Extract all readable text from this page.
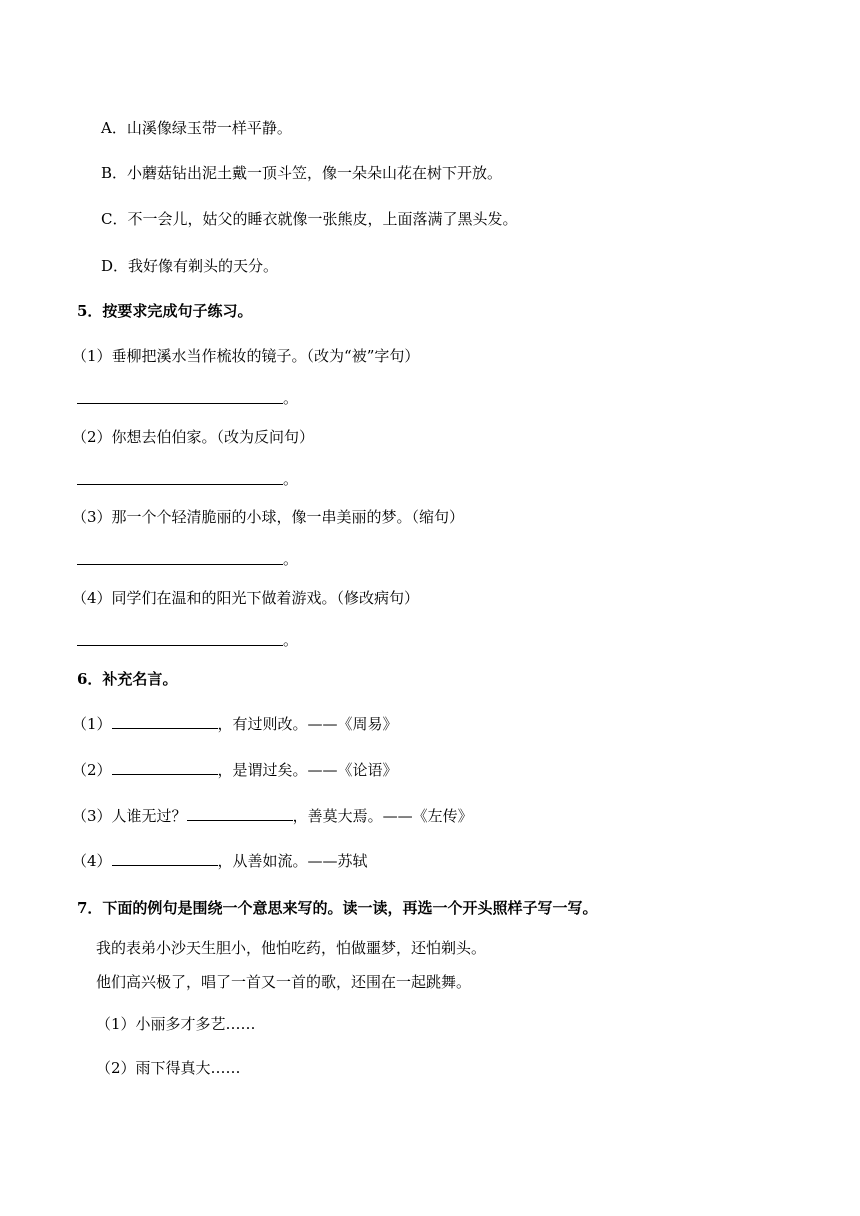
A．山溪像绿玉带一样平静。
B．小蘑菇钻出泥土戴一顶斗笠，像一朵朵山花在树下开放。
C．不一会儿，姑父的睡衣就像一张熊皮，上面落满了黑头发。
D．我好像有剃头的天分。
5．按要求完成句子练习。
（1）垂柳把溪水当作梳妆的镜子。（改为“被”字句）
。
（2）你想去伯伯家。（改为反问句）
。
（3）那一个个轻清脆丽的小球，像一串美丽的梦。（缩句）
。
（4）同学们在温和的阳光下做着游戏。（修改病句）
。
6．补充名言。
（1）	，有过则改。——《周易》
（2）	，是谓过矣。——《论语》
（3）人谁无过？	，善莫大焉。——《左传》
（4）	，从善如流。——苏轼
7．下面的例句是围绕一个意思来写的。读一读，再选一个开头照样子写一写。
我的表弟小沙天生胆小，他怕吃药，怕做噩梦，还怕剃头。
他们高兴极了，唱了一首又一首的歌，还围在一起跳舞。
（1）小丽多才多艺……
（2）雨下得真大……
